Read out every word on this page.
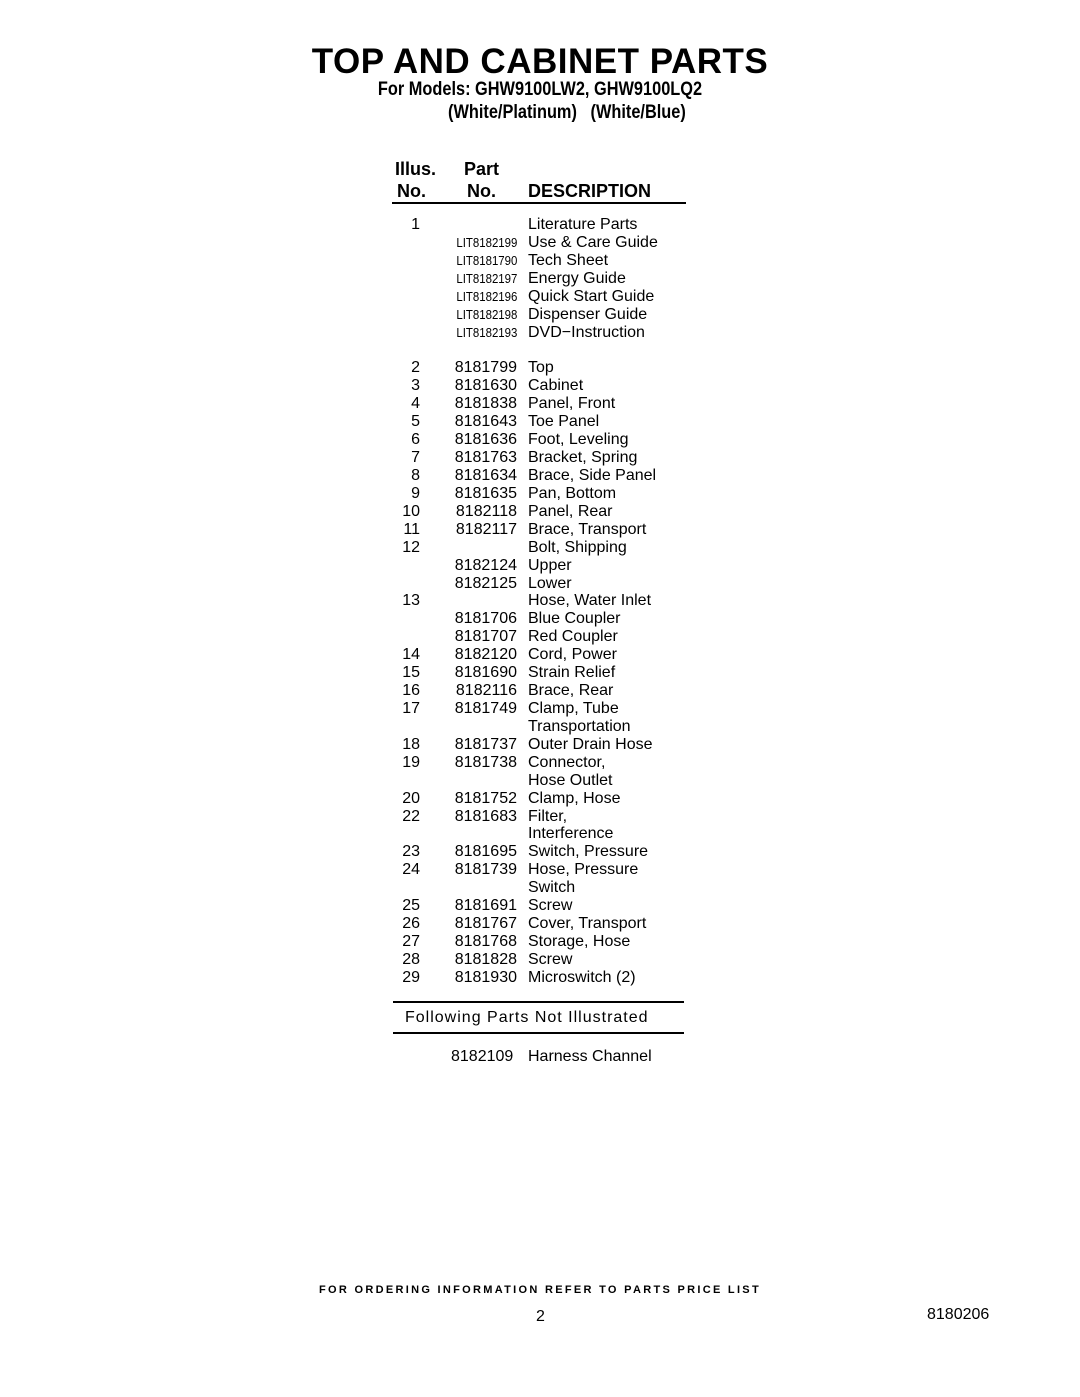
TOP AND CABINET PARTS
For Models: GHW9100LW2, GHW9100LQ2
(White/Platinum)   (White/Blue)
Illus.
No.
Part
No. DESCRIPTION
1	Literature Parts
LIT8182199 Use & Care Guide
LIT8181790 Tech Sheet
LIT8182197 Energy Guide
LIT8182196 Quick Start Guide
LIT8182198 Dispenser Guide
LIT8182193 DVD−Instruction
2 8181799 Top
3 8181630 Cabinet
4 8181838 Panel, Front
5 8181643 Toe Panel
6 8181636 Foot, Leveling
7 8181763 Bracket, Spring
8 8181634 Brace, Side Panel
9 8181635 Pan, Bottom
10 8182118 Panel, Rear
11 8182117 Brace, Transport
12	Bolt, Shipping
8182124 Upper
8182125 Lower
13	Hose, Water Inlet
8181706 Blue Coupler
8181707 Red Coupler
14 8182120 Cord, Power
15 8181690 Strain Relief
16 8182116 Brace, Rear
17 8181749 Clamp, Tube
Transportation
18 8181737 Outer Drain Hose
19 8181738 Connector,
Hose Outlet
20 8181752 Clamp, Hose
22 8181683 Filter,
Interference
23 8181695 Switch, Pressure
24 8181739 Hose, Pressure
Switch
25 8181691 Screw
26 8181767 Cover, Transport
27 8181768 Storage, Hose
28 8181828 Screw
29 8181930 Microswitch (2)
Following Parts Not Illustrated
8182109 Harness Channel
FOR ORDERING INFORMATION REFER TO PARTS PRICE LIST
2	8180206
